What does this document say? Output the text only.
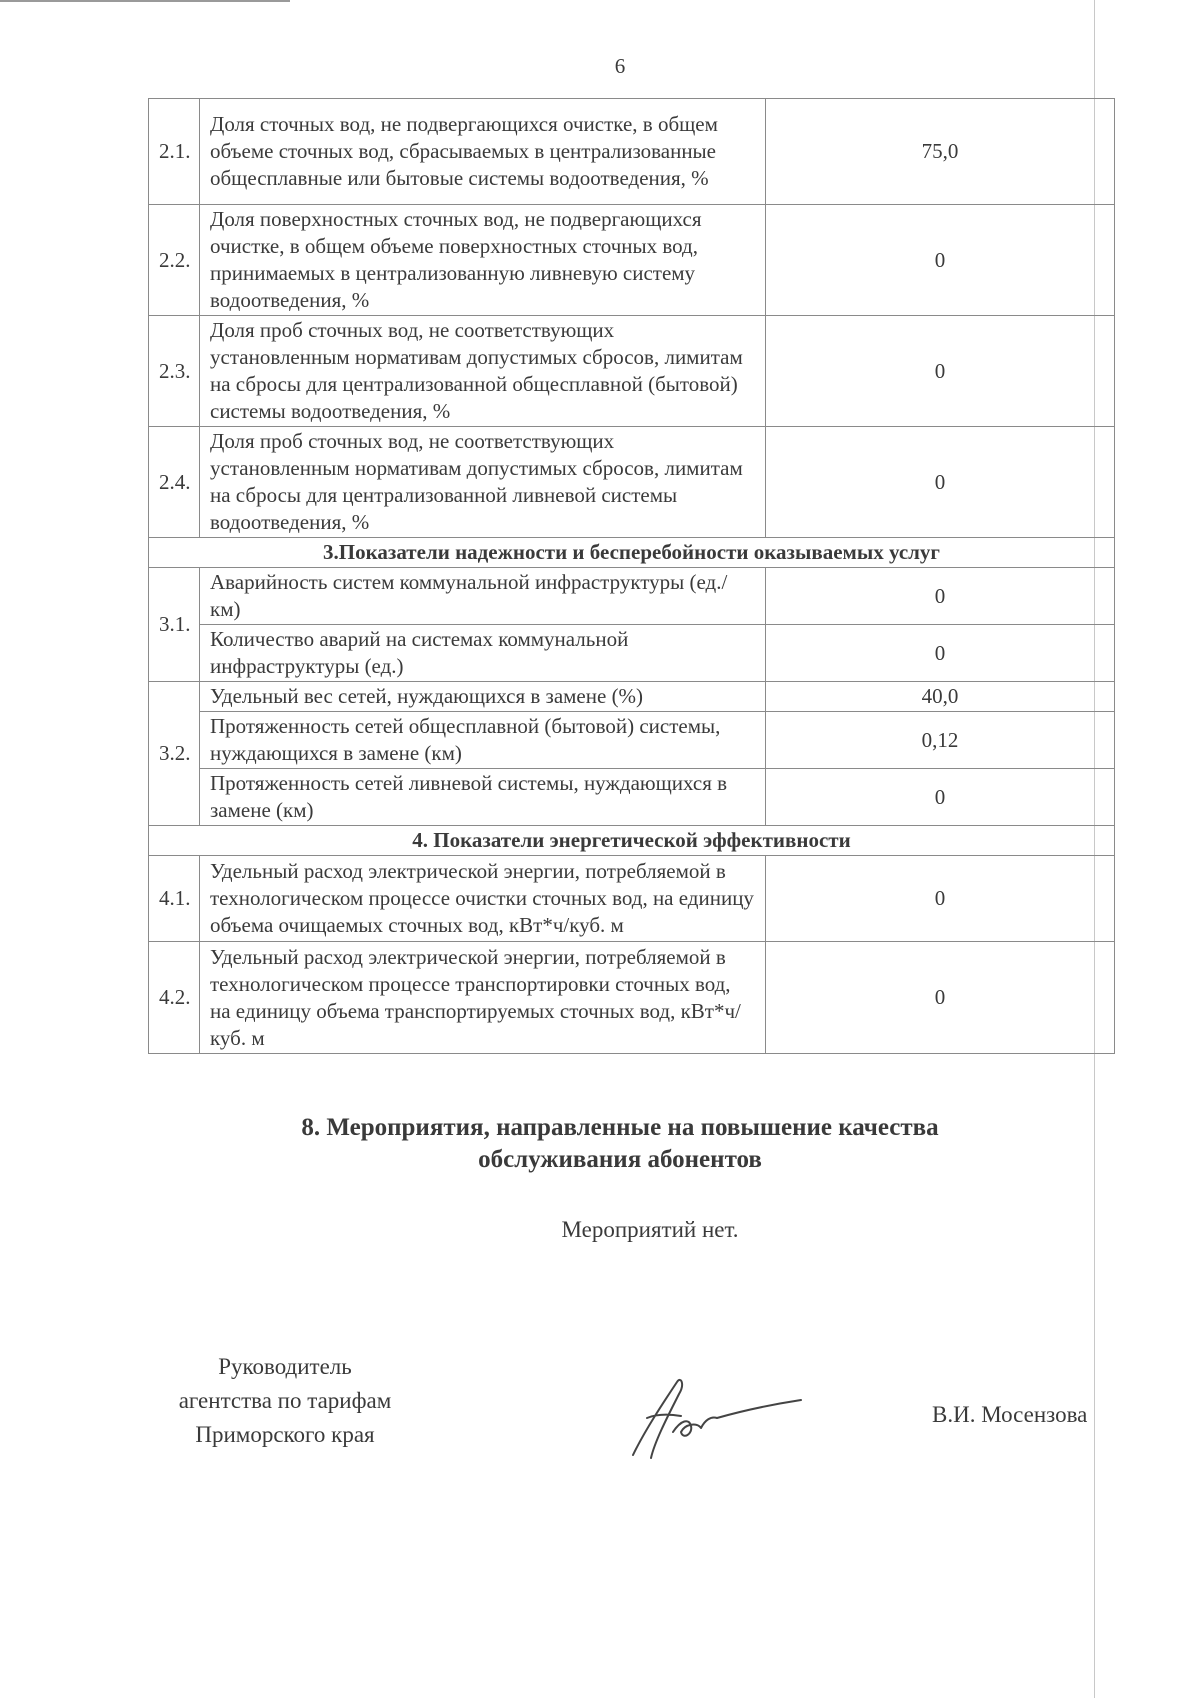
6
2.1.	Доля сточных вод, не подвергающихся очистке, в общем объеме сточных вод, сбрасываемых в централизованные общесплавные или бытовые системы водоотведения, %	75,0
2.2.	Доля поверхностных сточных вод, не подвергающихся очистке, в общем объеме поверхностных сточных вод, принимаемых в централизованную ливневую систему водоотведения, %	0
2.3.	Доля проб сточных вод, не соответствующих установленным нормативам допустимых сбросов, лимитам на сбросы для централизованной общесплавной (бытовой) системы водоотведения, %	0
2.4.	Доля проб сточных вод, не соответствующих установленным нормативам допустимых сбросов, лимитам на сбросы для централизованной ливневой системы водоотведения, %	0
3.Показатели надежности и бесперебойности оказываемых услуг		
3.1.	Аварийность систем коммунальной инфраструктуры (ед./км)	0
	Количество аварий на системах коммунальной инфраструктуры (ед.)	0
3.2.	Удельный вес сетей, нуждающихся в замене (%)	40,0
	Протяженность сетей общесплавной (бытовой) системы, нуждающихся в замене (км)	0,12
	Протяженность сетей ливневой системы, нуждающихся в замене (км)	0
4. Показатели энергетической эффективности		
4.1.	Удельный расход электрической энергии, потребляемой в технологическом процессе очистки сточных вод, на единицу объема очищаемых сточных вод, кВт*ч/куб. м	0
4.2.	Удельный расход электрической энергии, потребляемой в технологическом процессе транспортировки сточных вод, на единицу объема транспортируемых сточных вод, кВт*ч/куб. м	0
8. Мероприятия, направленные на повышение качества
обслуживания абонентов
Мероприятий нет.
Руководитель
агентства по тарифам
Приморского края
В.И. Мосензова
